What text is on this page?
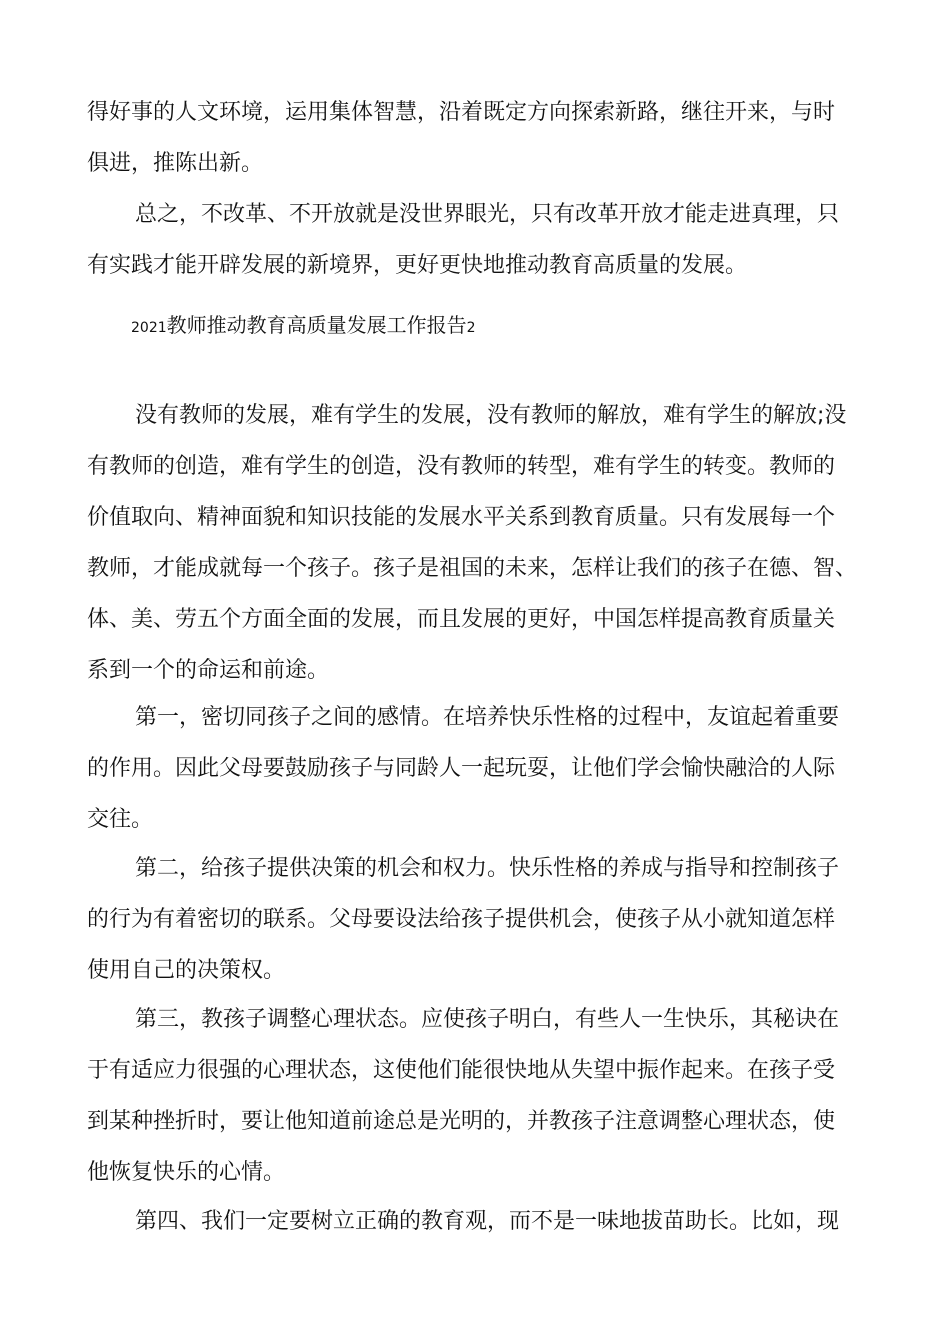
得好事的人文环境，运用集体智慧，沿着既定方向探索新路，继往开来，与时
俱进，推陈出新。

总之，不改革、不开放就是没世界眼光，只有改革开放才能走进真理，只
有实践才能开辟发展的新境界，更好更快地推动教育高质量的发展。

2021教师推动教育高质量发展工作报告2

没有教师的发展，难有学生的发展，没有教师的解放，难有学生的解放;没
有教师的创造，难有学生的创造，没有教师的转型，难有学生的转变。教师的
价值取向、精神面貌和知识技能的发展水平关系到教育质量。只有发展每一个
教师，才能成就每一个孩子。孩子是祖国的未来，怎样让我们的孩子在德、智、
体、美、劳五个方面全面的发展，而且发展的更好，中国怎样提高教育质量关
系到一个的命运和前途。

第一，密切同孩子之间的感情。在培养快乐性格的过程中，友谊起着重要
的作用。因此父母要鼓励孩子与同龄人一起玩耍，让他们学会愉快融洽的人际
交往。

第二，给孩子提供决策的机会和权力。快乐性格的养成与指导和控制孩子
的行为有着密切的联系。父母要设法给孩子提供机会，使孩子从小就知道怎样
使用自己的决策权。

第三，教孩子调整心理状态。应使孩子明白，有些人一生快乐，其秘诀在
于有适应力很强的心理状态，这使他们能很快地从失望中振作起来。在孩子受
到某种挫折时，要让他知道前途总是光明的，并教孩子注意调整心理状态，使
他恢复快乐的心情。

第四、我们一定要树立正确的教育观，而不是一味地拔苗助长。比如，现
